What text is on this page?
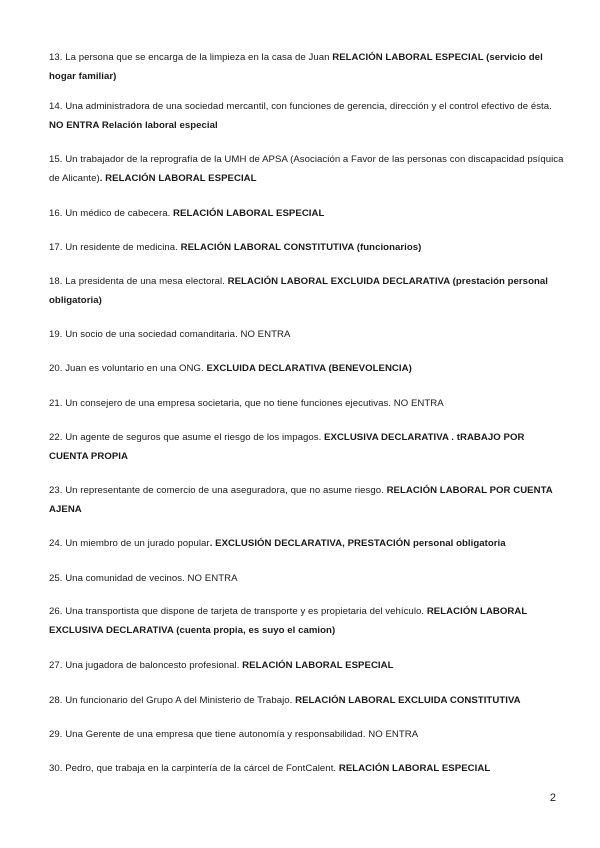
13. La persona que se encarga de la limpieza en la casa de Juan RELACIÓN LABORAL ESPECIAL (servicio del hogar familiar)

14. Una administradora de una sociedad mercantil, con funciones de gerencia, dirección y el control efectivo de ésta. NO ENTRA Relación laboral especial

15. Un trabajador de la reprografía de la UMH de APSA (Asociación a Favor de las personas con discapacidad psíquica de Alicante). RELACIÓN LABORAL ESPECIAL

16. Un médico de cabecera. RELACIÓN LABORAL ESPECIAL

17. Un residente de medicina. RELACIÓN LABORAL CONSTITUTIVA (funcionarios)

18. La presidenta de una mesa electoral. RELACIÓN LABORAL EXCLUIDA DECLARATIVA (prestación personal obligatoria)

19. Un socio de una sociedad comanditaria. NO ENTRA

20. Juan es voluntario en una ONG. EXCLUIDA DECLARATIVA (BENEVOLENCIA)

21. Un consejero de una empresa societaria, que no tiene funciones ejecutivas. NO ENTRA

22. Un agente de seguros que asume el riesgo de los impagos. EXCLUSIVA DECLARATIVA . tRABAJO POR CUENTA PROPIA

23. Un representante de comercio de una aseguradora, que no asume riesgo. RELACIÓN LABORAL POR CUENTA AJENA

24. Un miembro de un jurado popular. EXCLUSIÓN DECLARATIVA, PRESTACIÓN personal obligatoria

25. Una comunidad de vecinos. NO ENTRA

26. Una transportista que dispone de tarjeta de transporte y es propietaria del vehículo. RELACIÓN LABORAL EXCLUSIVA DECLARATIVA (cuenta propia, es suyo el camion)

27. Una jugadora de baloncesto profesional. RELACIÓN LABORAL ESPECIAL

28. Un funcionario del Grupo A del Ministerio de Trabajo. RELACIÓN LABORAL EXCLUIDA CONSTITUTIVA

29. Una Gerente de una empresa que tiene autonomía y responsabilidad. NO ENTRA

30. Pedro, que trabaja en la carpintería de la cárcel de FontCalent. RELACIÓN LABORAL ESPECIAL

2
